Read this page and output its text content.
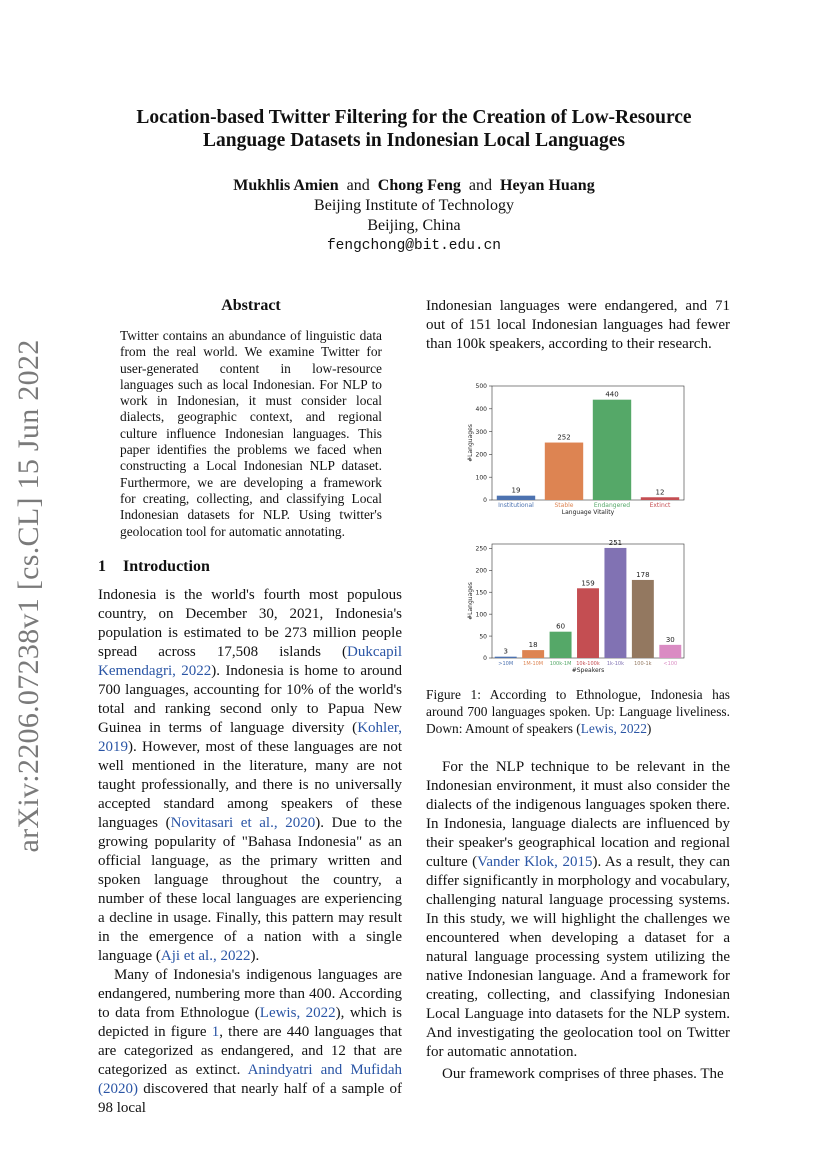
arXiv:2206.07238v1 [cs.CL] 15 Jun 2022
Location-based Twitter Filtering for the Creation of Low-Resource
Language Datasets in Indonesian Local Languages
Mukhlis Amien and Chong Feng and Heyan Huang
Beijing Institute of Technology
Beijing, China
fengchong@bit.edu.cn
Abstract
Twitter contains an abundance of linguistic data from the real world. We examine Twitter for user-generated content in low-resource languages such as local Indonesian. For NLP to work in Indonesian, it must consider local dialects, geographic context, and regional culture influence Indonesian languages. This paper identifies the problems we faced when constructing a Local Indonesian NLP dataset. Furthermore, we are developing a framework for creating, collecting, and classifying Local Indonesian datasets for NLP. Using twitter's geolocation tool for automatic annotating.
1 Introduction

Indonesia is the world's fourth most populous country, on December 30, 2021, Indonesia's population is estimated to be 273 million people spread across 17,508 islands (Dukcapil Kemendagri, 2022). Indonesia is home to around 700 languages, accounting for 10% of the world's total and ranking second only to Papua New Guinea in terms of language diversity (Kohler, 2019). However, most of these languages are not well mentioned in the literature, many are not taught professionally, and there is no universally accepted standard among speakers of these languages (Novitasari et al., 2020). Due to the growing popularity of "Bahasa Indonesia" as an official language, as the primary written and spoken language throughout the country, a number of these local languages are experiencing a decline in usage. Finally, this pattern may result in the emergence of a nation with a single language (Aji et al., 2022).

Many of Indonesia's indigenous languages are endangered, numbering more than 400. According to data from Ethnologue (Lewis, 2022), which is depicted in figure 1, there are 440 languages that are categorized as endangered, and 12 that are categorized as extinct. Anindyatri and Mufidah (2020) discovered that nearly half of a sample of 98 local

Indonesian languages were endangered, and 71 out of 151 local Indonesian languages had fewer than 100k speakers, according to their research.
0
100
200
300
400
500
19
Institutional
252
Stable
440
Endangered
12
Extinct
Language Vitality
#Languages
0
50
100
150
200
250
3
>10M
18
1M-10M
60
100k-1M
159
10k-100k
251
1k-10k
178
100-1k
30
<100
#Speakers
#Languages
Figure 1: According to Ethnologue, Indonesia has around 700 languages spoken. Up: Language liveliness. Down: Amount of speakers (Lewis, 2022)

For the NLP technique to be relevant in the Indonesian environment, it must also consider the dialects of the indigenous languages spoken there. In Indonesia, language dialects are influenced by their speaker's geographical location and regional culture (Vander Klok, 2015). As a result, they can differ significantly in morphology and vocabulary, challenging natural language processing systems. In this study, we will highlight the challenges we encountered when developing a dataset for a natural language processing system utilizing the native Indonesian language. And a framework for creating, collecting, and classifying Indonesian Local Language into datasets for the NLP system. And investigating the geolocation tool on Twitter for automatic annotation.

Our framework comprises of three phases. The
